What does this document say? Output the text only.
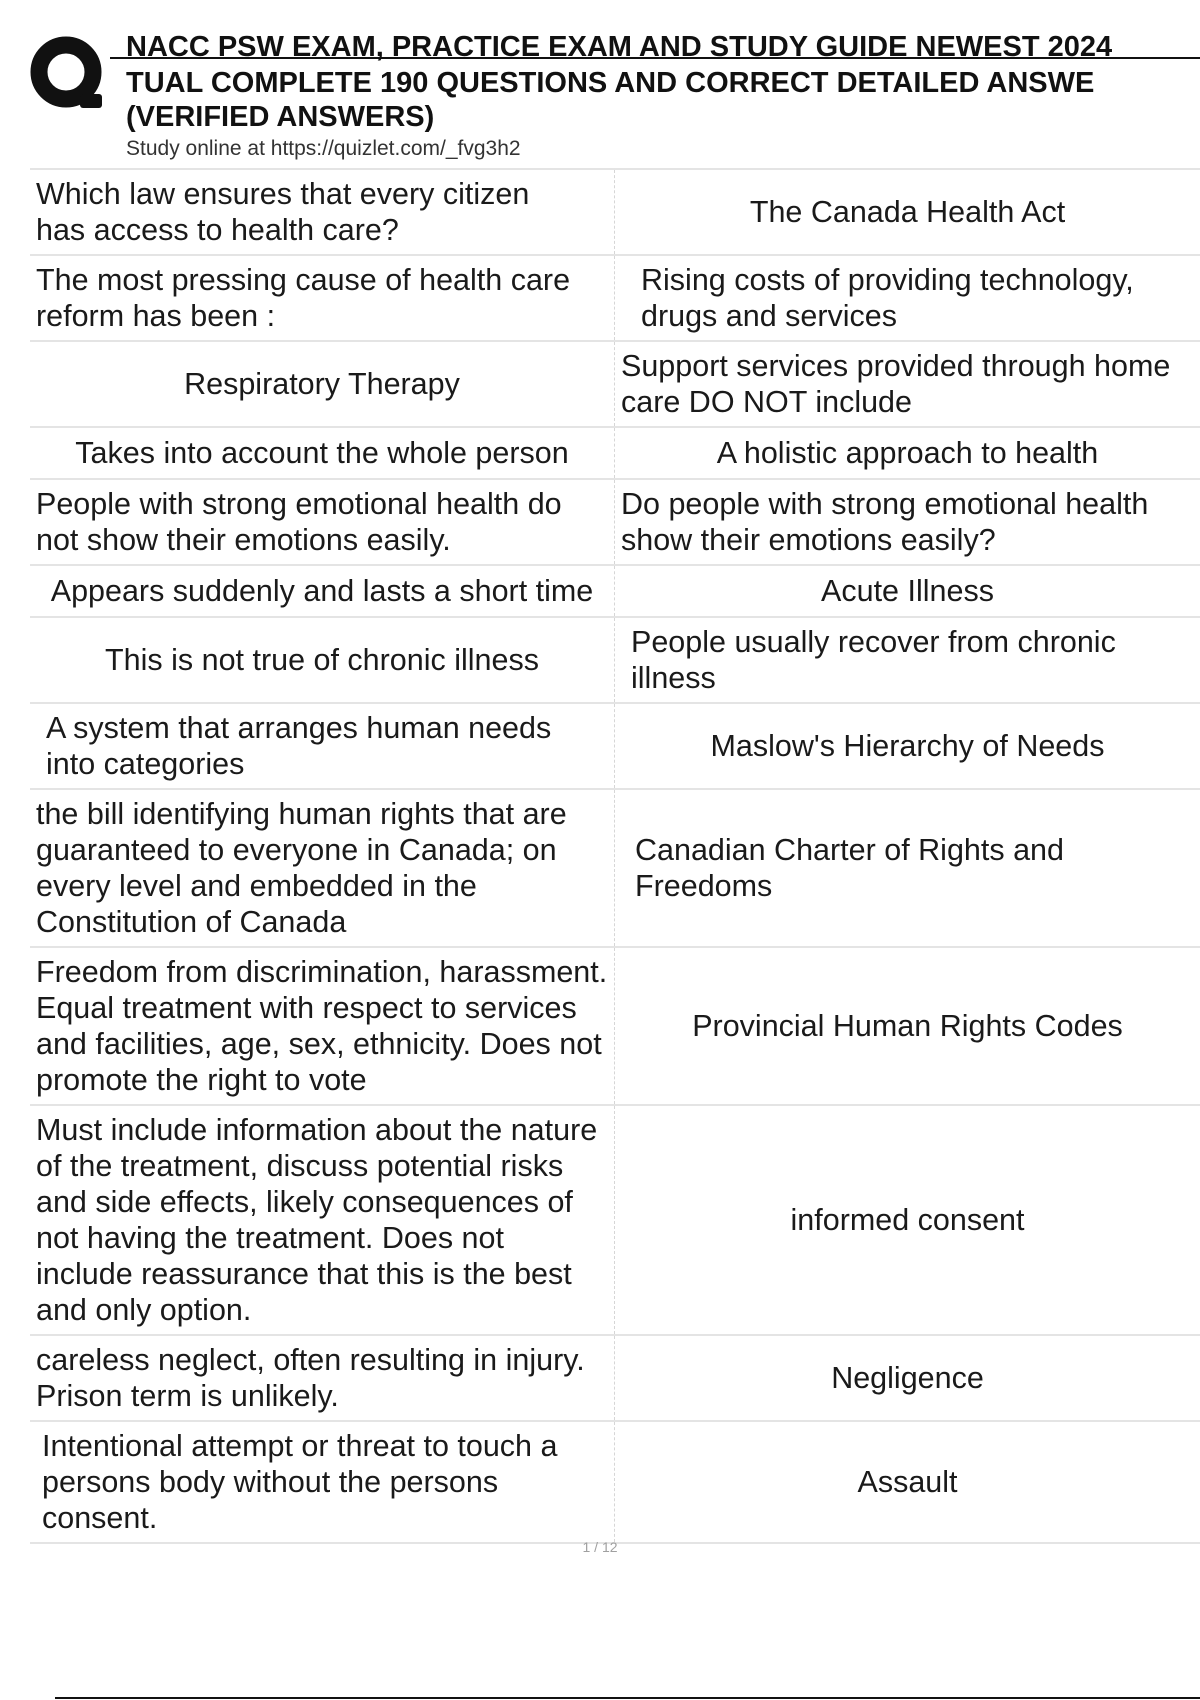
NACC PSW EXAM, PRACTICE EXAM AND STUDY GUIDE NEWEST 2024
TUAL COMPLETE 190 QUESTIONS AND CORRECT DETAILED ANSWE
(VERIFIED ANSWERS)
Study online at https://quizlet.com/_fvg3h2
Which law ensures that every citizen has access to health care?
The Canada Health Act
The most pressing cause of health care reform has been :
Rising costs of providing technology, drugs and services
Respiratory Therapy
Support services provided through home care DO NOT include
Takes into account the whole person	A holistic approach to health
People with strong emotional health do not show their emotions easily.
Do people with strong emotional health show their emotions easily?
Appears suddenly and lasts a short time	Acute Illness
This is not true of chronic illness
People usually recover from chronic illness
A system that arranges human needs into categories
Maslow's Hierarchy of Needs
the bill identifying human rights that are guaranteed to everyone in Canada; on every level and embedded in the Constitution of Canada
Canadian Charter of Rights and Freedoms
Freedom from discrimination, harassment. Equal treatment with respect to services and facilities, age, sex, ethnicity. Does not promote the right to vote
Provincial Human Rights Codes
Must include information about the nature of the treatment, discuss potential risks and side effects, likely consequences of not having the treatment. Does not include reassurance that this is the best and only option.
informed consent
careless neglect, often resulting in injury. Prison term is unlikely.
Negligence
Intentional attempt or threat to touch a persons body without the persons consent.
Assault
1 / 12
